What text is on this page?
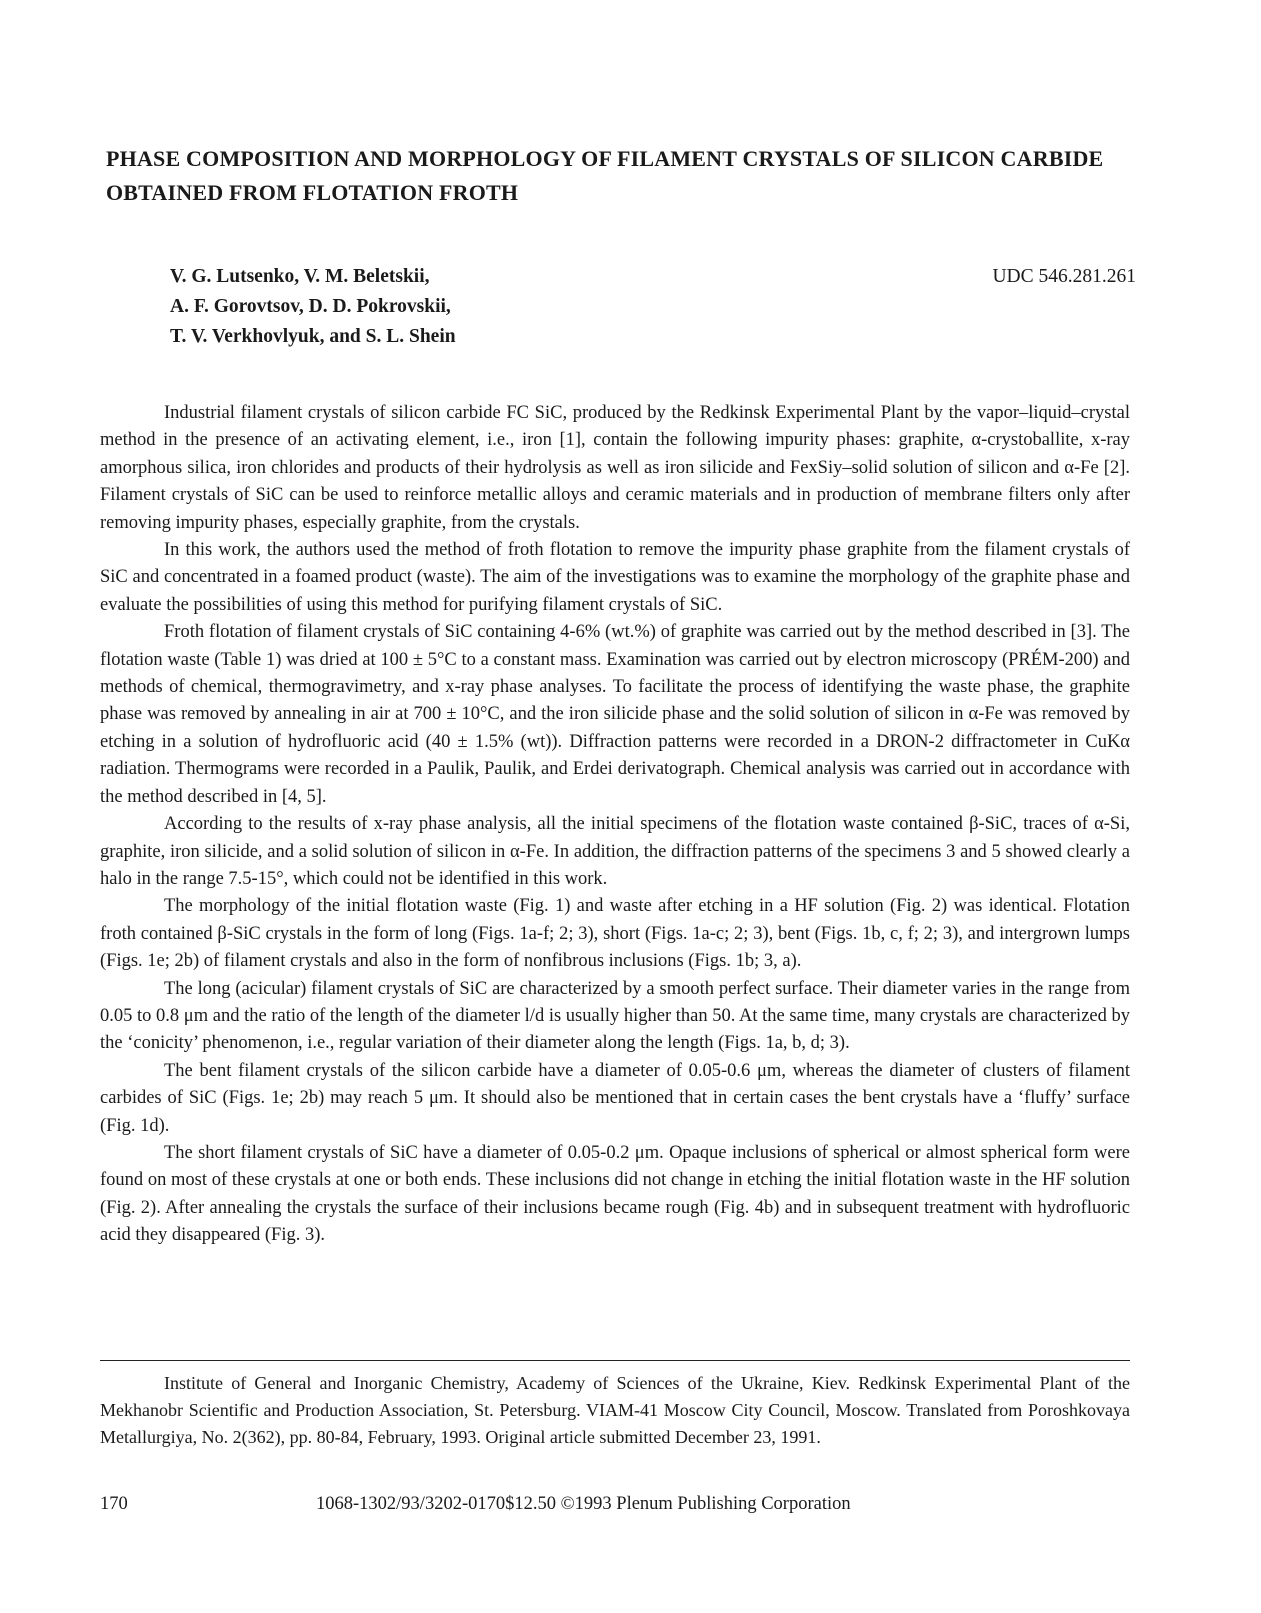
PHASE COMPOSITION AND MORPHOLOGY OF FILAMENT CRYSTALS OF SILICON CARBIDE OBTAINED FROM FLOTATION FROTH
V. G. Lutsenko, V. M. Beletskii,
A. F. Gorovtsov, D. D. Pokrovskii,
T. V. Verkhovlyuk, and S. L. Shein
UDC 546.281.261

Industrial filament crystals of silicon carbide FC SiC, produced by the Redkinsk Experimental Plant by the vapor–liquid–crystal method in the presence of an activating element, i.e., iron [1], contain the following impurity phases: graphite, α-crystoballite, x-ray amorphous silica, iron chlorides and products of their hydrolysis as well as iron silicide and FexSiy–solid solution of silicon and α-Fe [2]. Filament crystals of SiC can be used to reinforce metallic alloys and ceramic materials and in production of membrane filters only after removing impurity phases, especially graphite, from the crystals.

In this work, the authors used the method of froth flotation to remove the impurity phase graphite from the filament crystals of SiC and concentrated in a foamed product (waste). The aim of the investigations was to examine the morphology of the graphite phase and evaluate the possibilities of using this method for purifying filament crystals of SiC.

Froth flotation of filament crystals of SiC containing 4-6% (wt.%) of graphite was carried out by the method described in [3]. The flotation waste (Table 1) was dried at 100 ± 5°C to a constant mass. Examination was carried out by electron microscopy (PRÉM-200) and methods of chemical, thermogravimetry, and x-ray phase analyses. To facilitate the process of identifying the waste phase, the graphite phase was removed by annealing in air at 700 ± 10°C, and the iron silicide phase and the solid solution of silicon in α-Fe was removed by etching in a solution of hydrofluoric acid (40 ± 1.5% (wt)). Diffraction patterns were recorded in a DRON-2 diffractometer in CuKα radiation. Thermograms were recorded in a Paulik, Paulik, and Erdei derivatograph. Chemical analysis was carried out in accordance with the method described in [4, 5].

According to the results of x-ray phase analysis, all the initial specimens of the flotation waste contained β-SiC, traces of α-Si, graphite, iron silicide, and a solid solution of silicon in α-Fe. In addition, the diffraction patterns of the specimens 3 and 5 showed clearly a halo in the range 7.5-15°, which could not be identified in this work.

The morphology of the initial flotation waste (Fig. 1) and waste after etching in a HF solution (Fig. 2) was identical. Flotation froth contained β-SiC crystals in the form of long (Figs. 1a-f; 2; 3), short (Figs. 1a-c; 2; 3), bent (Figs. 1b, c, f; 2; 3), and intergrown lumps (Figs. 1e; 2b) of filament crystals and also in the form of nonfibrous inclusions (Figs. 1b; 3, a).

The long (acicular) filament crystals of SiC are characterized by a smooth perfect surface. Their diameter varies in the range from 0.05 to 0.8 μm and the ratio of the length of the diameter l/d is usually higher than 50. At the same time, many crystals are characterized by the ‘conicity’ phenomenon, i.e., regular variation of their diameter along the length (Figs. 1a, b, d; 3).

The bent filament crystals of the silicon carbide have a diameter of 0.05-0.6 μm, whereas the diameter of clusters of filament carbides of SiC (Figs. 1e; 2b) may reach 5 μm. It should also be mentioned that in certain cases the bent crystals have a ‘fluffy’ surface (Fig. 1d).

The short filament crystals of SiC have a diameter of 0.05-0.2 μm. Opaque inclusions of spherical or almost spherical form were found on most of these crystals at one or both ends. These inclusions did not change in etching the initial flotation waste in the HF solution (Fig. 2). After annealing the crystals the surface of their inclusions became rough (Fig. 4b) and in subsequent treatment with hydrofluoric acid they disappeared (Fig. 3).

Institute of General and Inorganic Chemistry, Academy of Sciences of the Ukraine, Kiev. Redkinsk Experimental Plant of the Mekhanobr Scientific and Production Association, St. Petersburg. VIAM-41 Moscow City Council, Moscow. Translated from Poroshkovaya Metallurgiya, No. 2(362), pp. 80-84, February, 1993. Original article submitted December 23, 1991.

170	1068-1302/93/3202-0170$12.50 ©1993 Plenum Publishing Corporation
